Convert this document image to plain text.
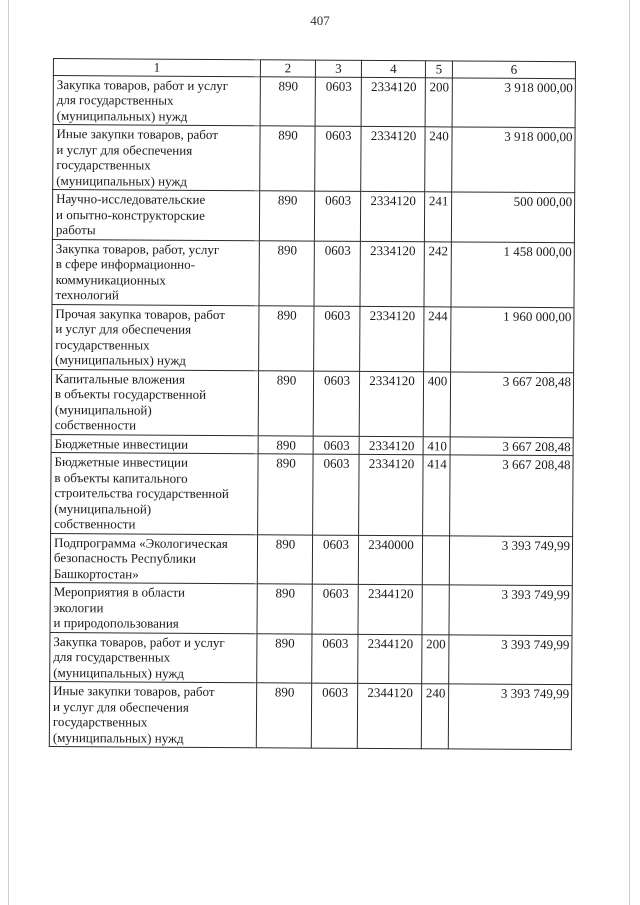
407
1	2	3	4	5	6

Закупка товаров, работ и услуг
для государственных
(муниципальных) нужд	890	0603	2334120	200	3 918 000,00

Иные закупки товаров, работ
и услуг для обеспечения
государственных
(муниципальных) нужд	890	0603	2334120	240	3 918 000,00

Научно-исследовательские
и опытно-конструкторские
работы	890	0603	2334120	241	500 000,00

Закупка товаров, работ, услуг
в сфере информационно-
коммуникационных
технологий	890	0603	2334120	242	1 458 000,00

Прочая закупка товаров, работ
и услуг для обеспечения
государственных
(муниципальных) нужд	890	0603	2334120	244	1 960 000,00

Капитальные вложения
в объекты государственной
(муниципальной)
собственности	890	0603	2334120	400	3 667 208,48

Бюджетные инвестиции	890	0603	2334120	410	3 667 208,48

Бюджетные инвестиции
в объекты капитального
строительства государственной
(муниципальной)
собственности	890	0603	2334120	414	3 667 208,48

Подпрограмма «Экологическая
безопасность Республики
Башкортостан»	890	0603	2340000		3 393 749,99

Мероприятия в области
экологии
и природопользования	890	0603	2344120		3 393 749,99

Закупка товаров, работ и услуг
для государственных
(муниципальных) нужд	890	0603	2344120	200	3 393 749,99

Иные закупки товаров, работ
и услуг для обеспечения
государственных
(муниципальных) нужд	890	0603	2344120	240	3 393 749,99
